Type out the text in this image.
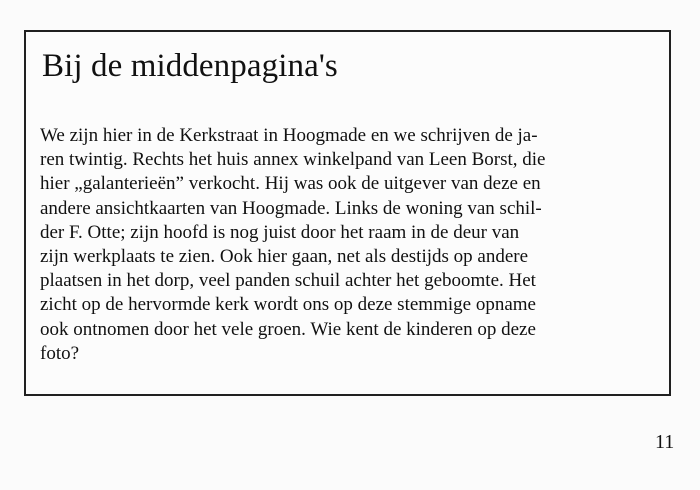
Bij de middenpagina's

We zijn hier in de Kerkstraat in Hoogmade en we schrijven de ja-
ren twintig. Rechts het huis annex winkelpand van Leen Borst, die
hier „galanterieën” verkocht. Hij was ook de uitgever van deze en
andere ansichtkaarten van Hoogmade. Links de woning van schil-
der F. Otte; zijn hoofd is nog juist door het raam in de deur van
zijn werkplaats te zien. Ook hier gaan, net als destijds op andere
plaatsen in het dorp, veel panden schuil achter het geboomte. Het
zicht op de hervormde kerk wordt ons op deze stemmige opname
ook ontnomen door het vele groen. Wie kent de kinderen op deze
foto?

11
